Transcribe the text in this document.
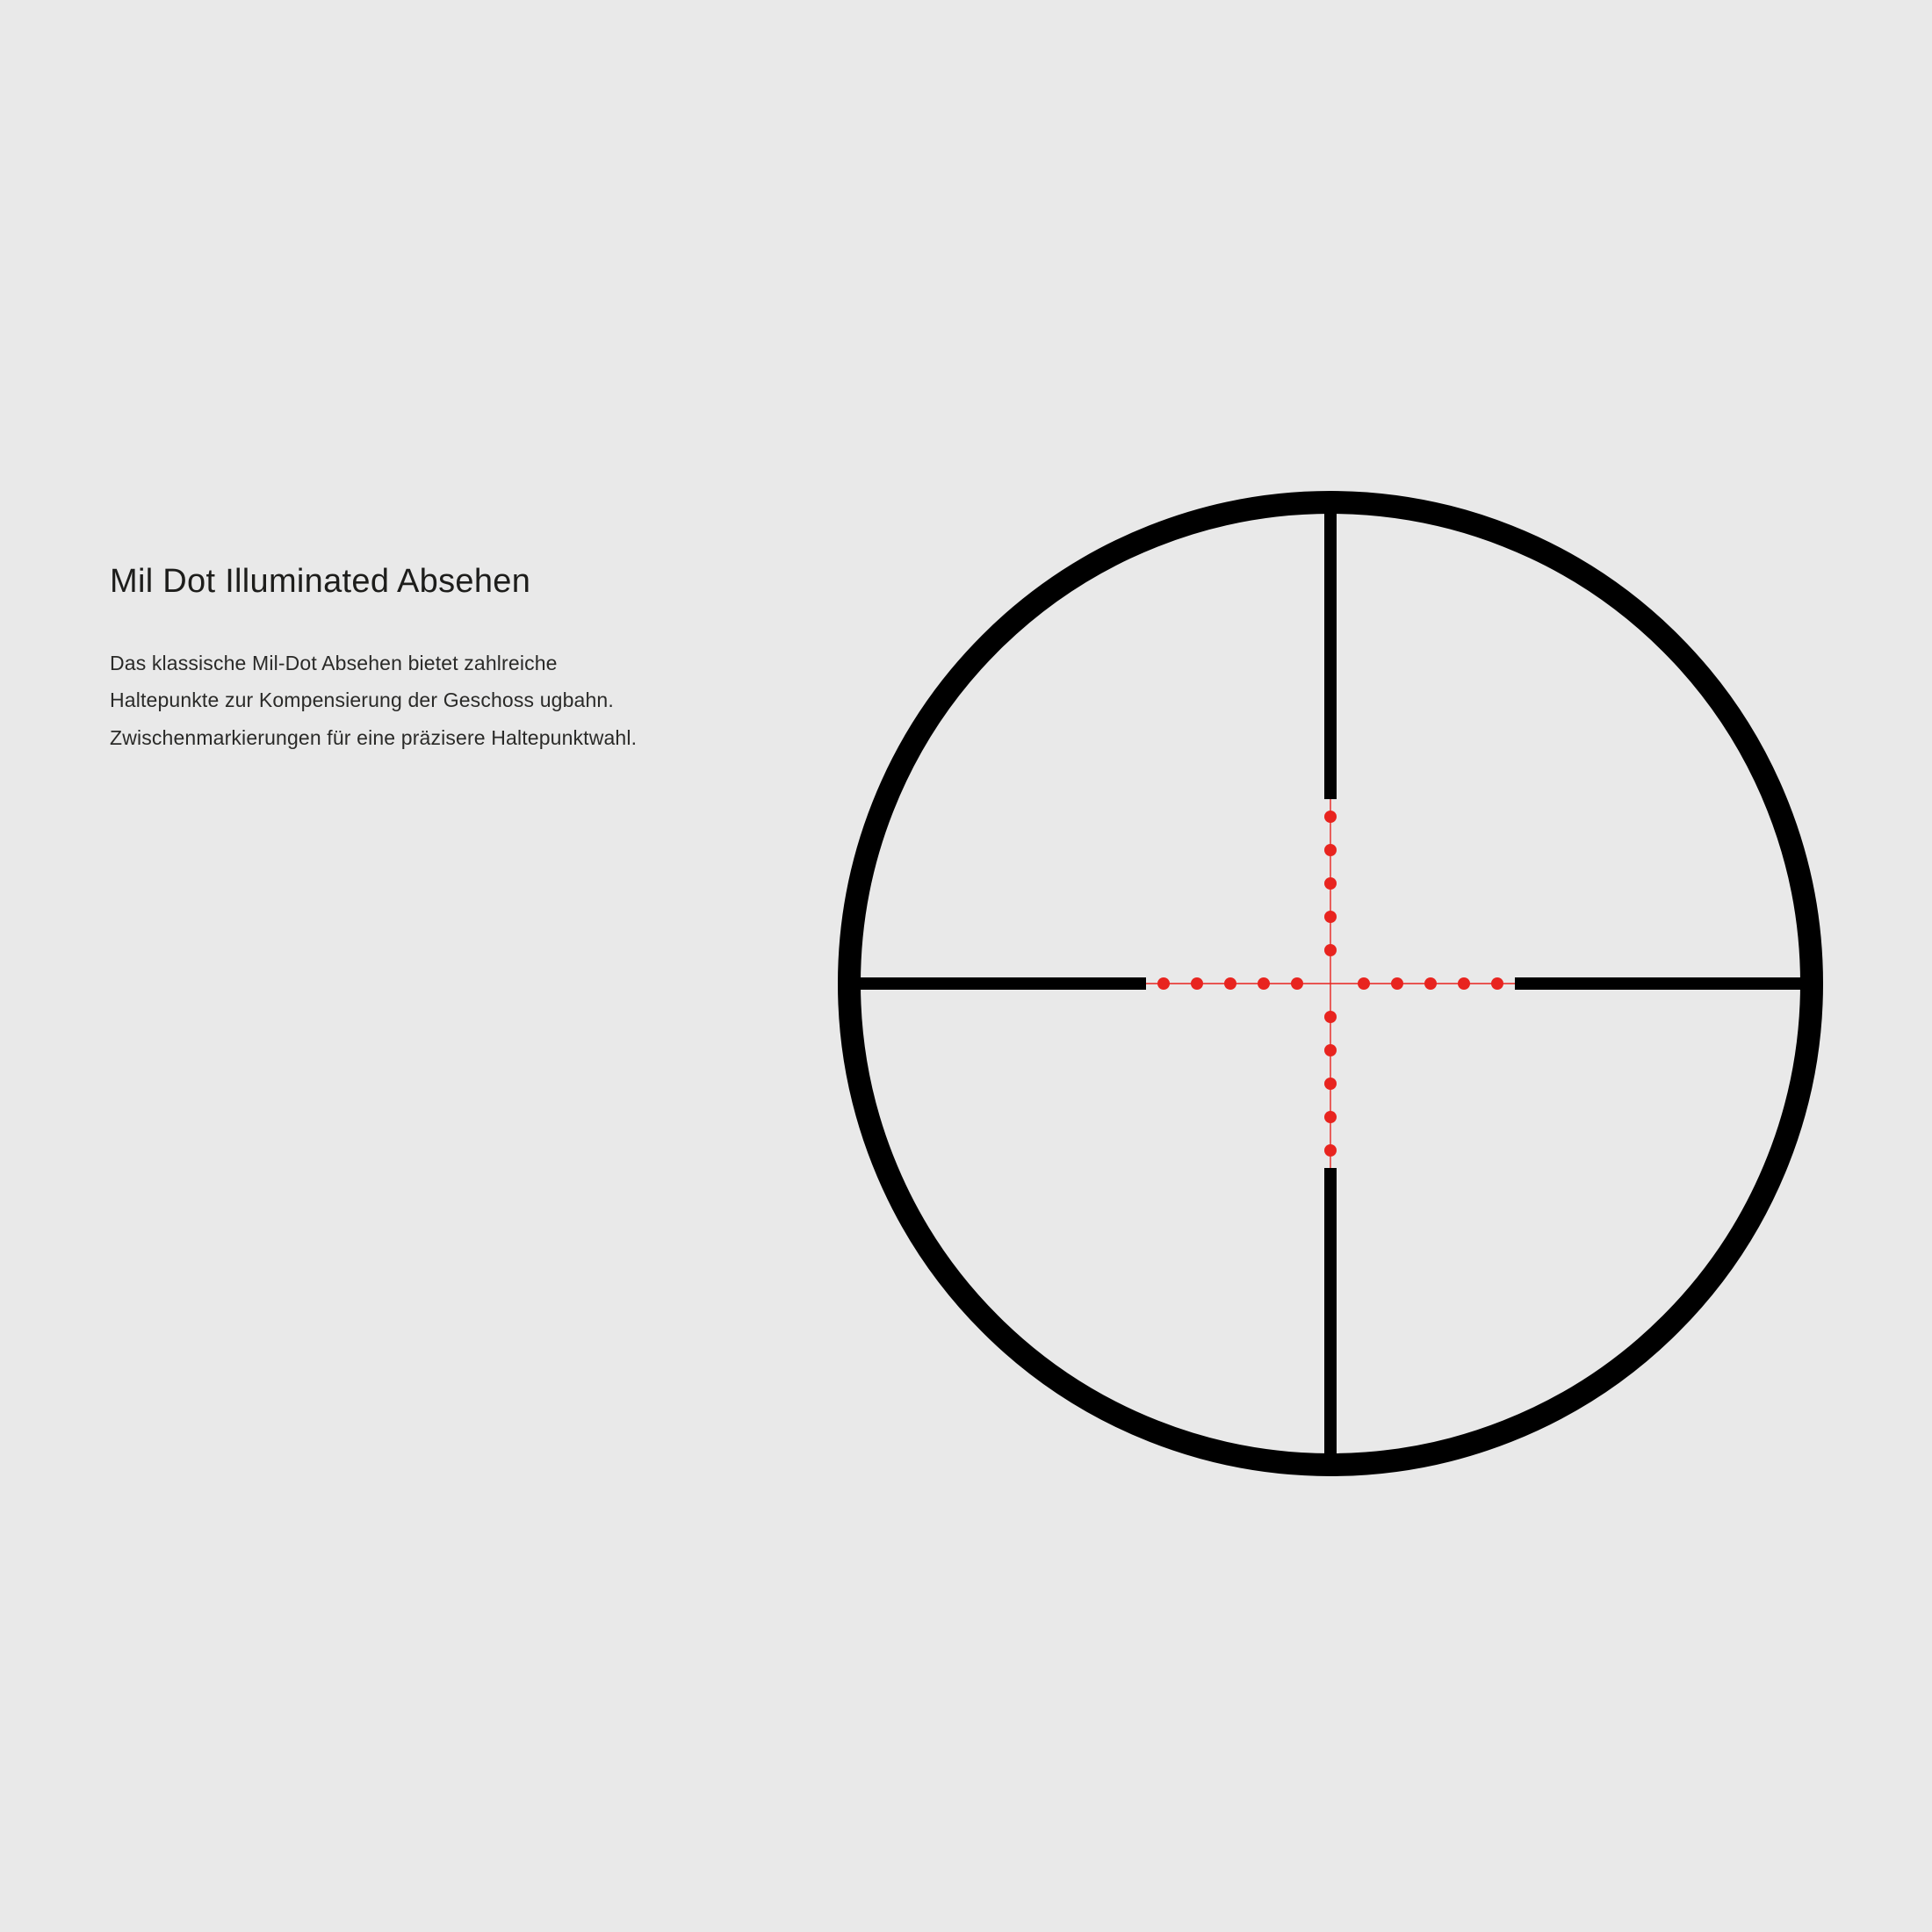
Mil Dot Illuminated Absehen
Das klassische Mil-Dot Absehen bietet zahlreiche
Haltepunkte zur Kompensierung der Geschoss ugbahn.
Zwischenmarkierungen für eine präzisere Haltepunktwahl.
